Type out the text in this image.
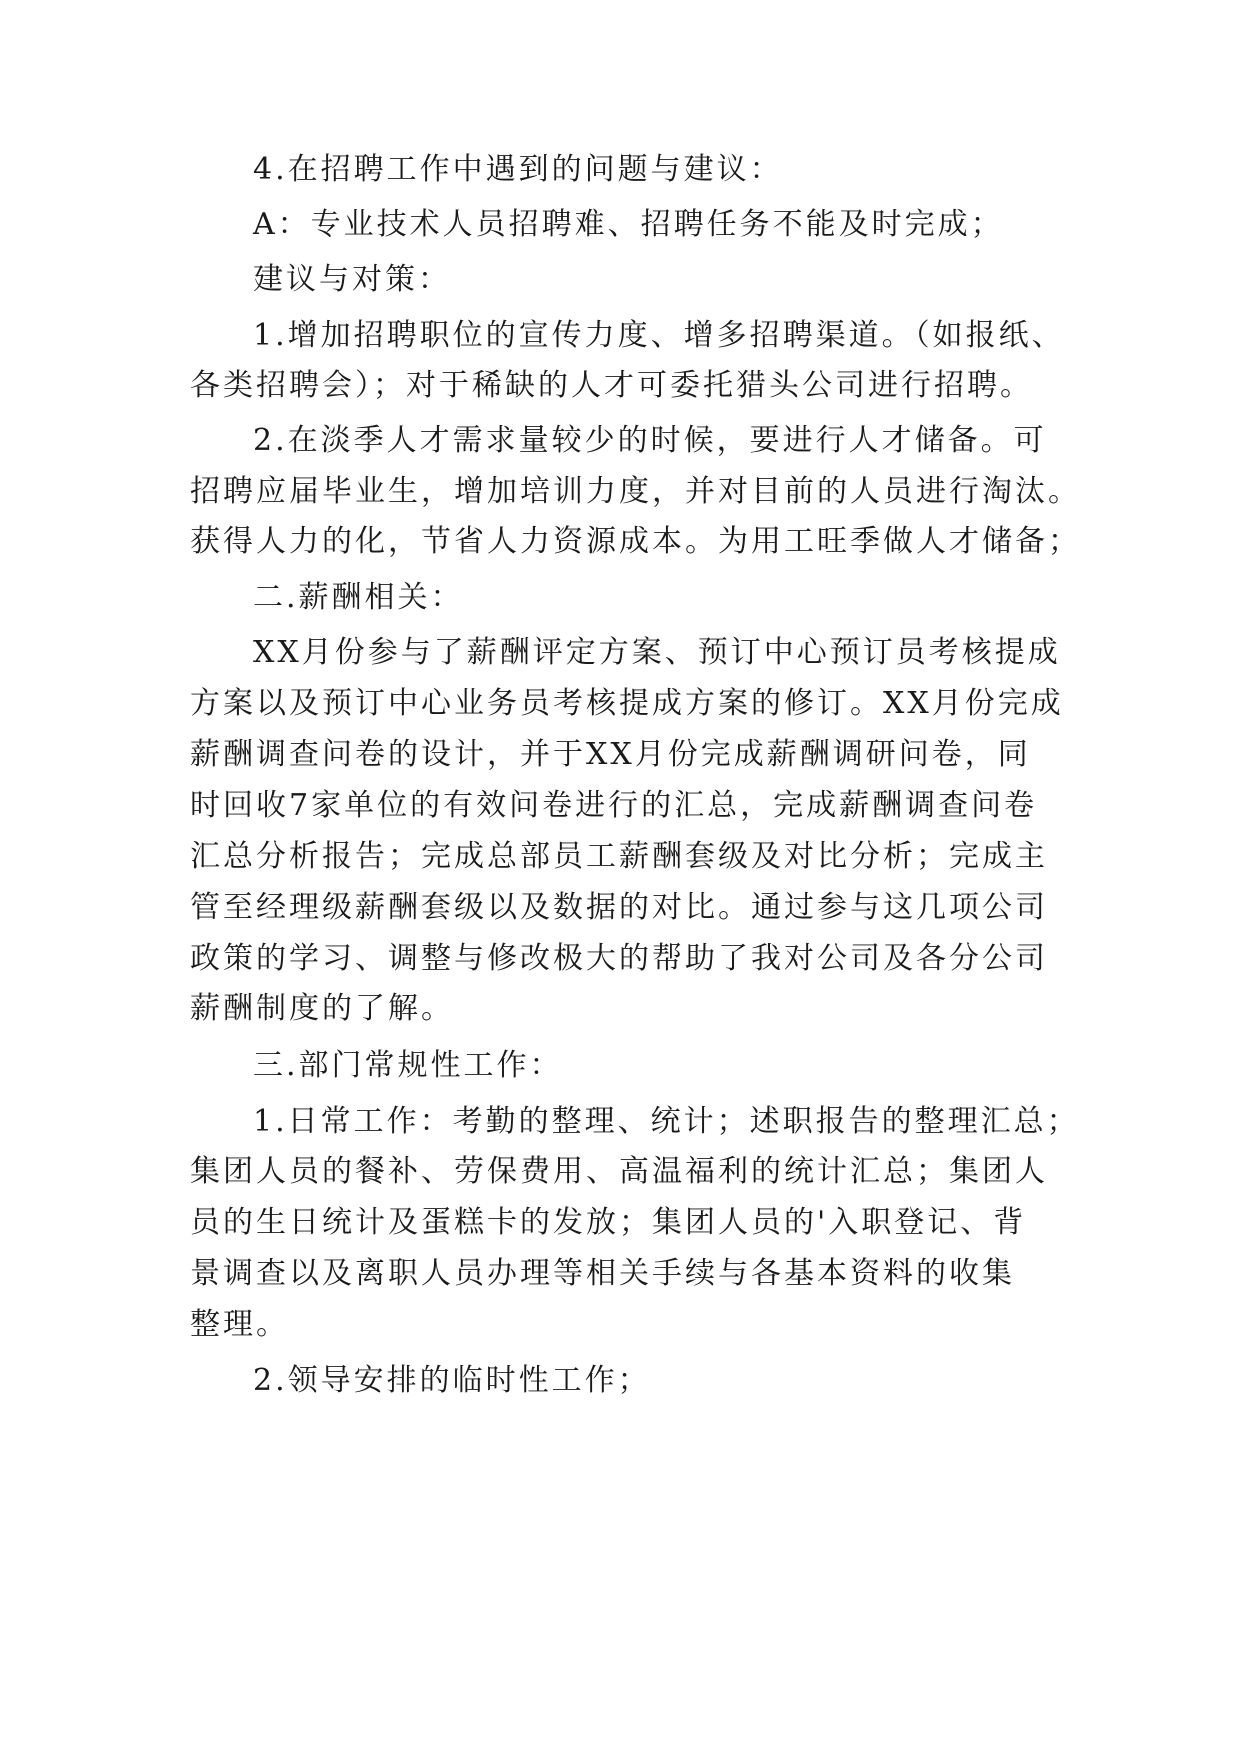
4.在招聘工作中遇到的问题与建议：
A：专业技术人员招聘难、招聘任务不能及时完成；
建议与对策：
1.增加招聘职位的宣传力度、增多招聘渠道。（如报纸、
各类招聘会）；对于稀缺的人才可委托猎头公司进行招聘。
2.在淡季人才需求量较少的时候，要进行人才储备。可
招聘应届毕业生，增加培训力度，并对目前的人员进行淘汰。
获得人力的化，节省人力资源成本。为用工旺季做人才储备；
二.薪酬相关：
XX月份参与了薪酬评定方案、预订中心预订员考核提成
方案以及预订中心业务员考核提成方案的修订。XX月份完成
薪酬调查问卷的设计，并于XX月份完成薪酬调研问卷，同
时回收7家单位的有效问卷进行的汇总，完成薪酬调查问卷
汇总分析报告；完成总部员工薪酬套级及对比分析；完成主
管至经理级薪酬套级以及数据的对比。通过参与这几项公司
政策的学习、调整与修改极大的帮助了我对公司及各分公司
薪酬制度的了解。
三.部门常规性工作：
1.日常工作：考勤的整理、统计；述职报告的整理汇总；
集团人员的餐补、劳保费用、高温福利的统计汇总；集团人
员的生日统计及蛋糕卡的发放；集团人员的'入职登记、背
景调查以及离职人员办理等相关手续与各基本资料的收集
整理。
2.领导安排的临时性工作；
